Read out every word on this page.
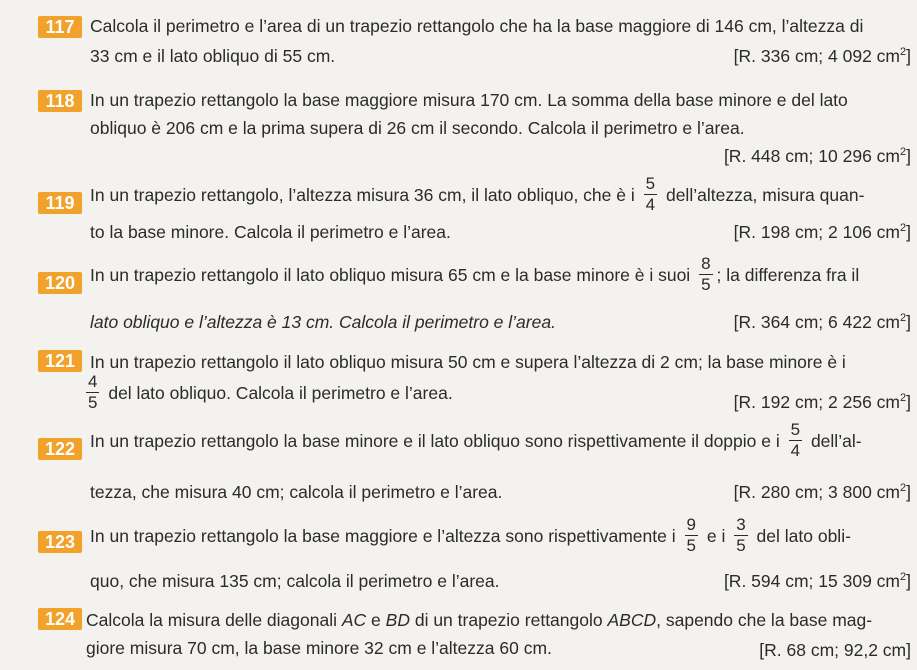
117 Calcola il perimetro e l’area di un trapezio rettangolo che ha la base maggiore di 146 cm, l’altezza di
33 cm e il lato obliquo di 55 cm.	[R. 336 cm; 4 092 $cm^2$]
118 In un trapezio rettangolo la base maggiore misura 170 cm. La somma della base minore e del lato
obliquo è 206 cm e la prima supera di 26 cm il secondo. Calcola il perimetro e l’area.
[R. 448 cm; 10 296 $cm^2$]
119 In un trapezio rettangolo, l’altezza misura 36 cm, il lato obliquo, che è i $\frac{5}{4}$ dell’altezza, misura quan-
to la base minore. Calcola il perimetro e l’area.	[R. 198 cm; 2 106 $cm^2$]
120 In un trapezio rettangolo il lato obliquo misura 65 cm e la base minore è i suoi $\frac{8}{5}$ ; la differenza fra il
lato obliquo e l’altezza è 13 cm. Calcola il perimetro e l’area.	[R. 364 cm; 6 422 $cm^2$]
121 In un trapezio rettangolo il lato obliquo misura 50 cm e supera l’altezza di 2 cm; la base minore è i
$\frac{4}{5}$ del lato obliquo. Calcola il perimetro e l’area.	[R. 192 cm; 2 256 $cm^2$]
122 In un trapezio rettangolo la base minore e il lato obliquo sono rispettivamente il doppio e i $\frac{5}{4}$ dell’al-
tezza, che misura 40 cm; calcola il perimetro e l’area.	[R. 280 cm; 3 800 $cm^2$]
123 In un trapezio rettangolo la base maggiore e l’altezza sono rispettivamente i $\frac{9}{5}$ e i $\frac{3}{5}$ del lato obli-
quo, che misura 135 cm; calcola il perimetro e l’area.	[R. 594 cm; 15 309 $cm^2$]
124 Calcola la misura delle diagonali AC e BD di un trapezio rettangolo ABCD, sapendo che la base mag-
giore misura 70 cm, la base minore 32 cm e l’altezza 60 cm.	[R. 68 cm; 92,2 cm]
